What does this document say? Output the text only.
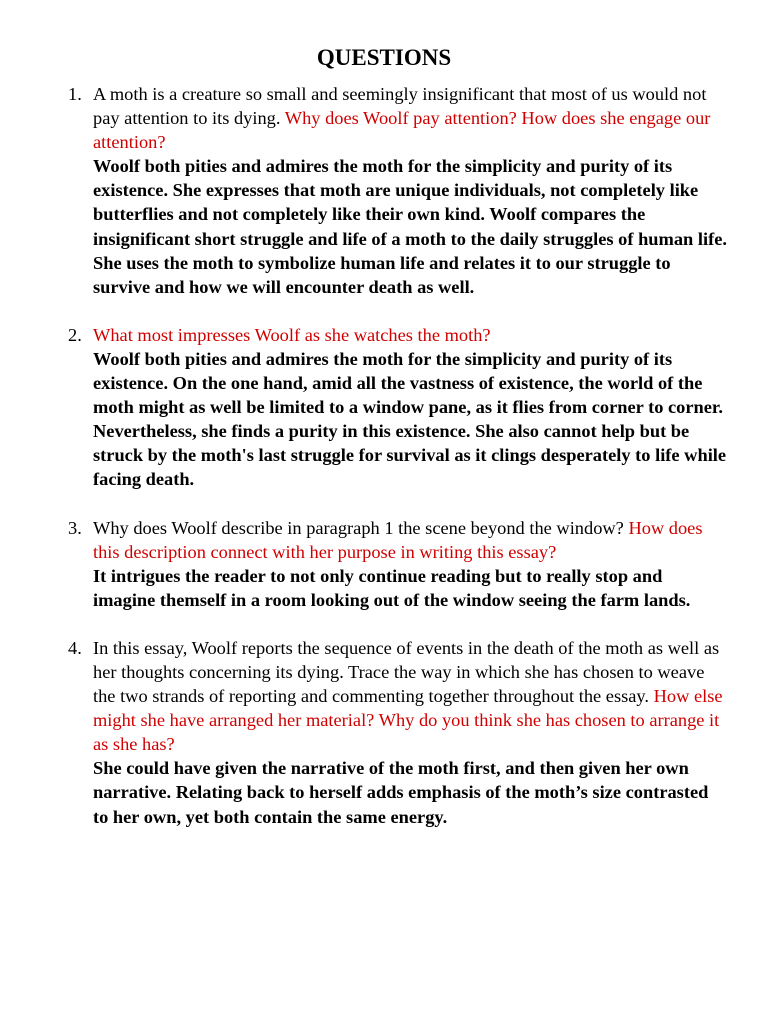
QUESTIONS
1. A moth is a creature so small and seemingly insignificant that most of us would not pay attention to its dying. Why does Woolf pay attention? How does she engage our attention?
Woolf both pities and admires the moth for the simplicity and purity of its existence. She expresses that moth are unique individuals, not completely like butterflies and not completely like their own kind. Woolf compares the insignificant short struggle and life of a moth to the daily struggles of human life. She uses the moth to symbolize human life and relates it to our struggle to survive and how we will encounter death as well.
2. What most impresses Woolf as she watches the moth?
Woolf both pities and admires the moth for the simplicity and purity of its existence. On the one hand, amid all the vastness of existence, the world of the moth might as well be limited to a window pane, as it flies from corner to corner. Nevertheless, she finds a purity in this existence. She also cannot help but be struck by the moth's last struggle for survival as it clings desperately to life while facing death.
3. Why does Woolf describe in paragraph 1 the scene beyond the window? How does this description connect with her purpose in writing this essay?
It intrigues the reader to not only continue reading but to really stop and imagine themself in a room looking out of the window seeing the farm lands.
4. In this essay, Woolf reports the sequence of events in the death of the moth as well as her thoughts concerning its dying. Trace the way in which she has chosen to weave the two strands of reporting and commenting together throughout the essay. How else might she have arranged her material? Why do you think she has chosen to arrange it as she has?
She could have given the narrative of the moth first, and then given her own narrative. Relating back to herself adds emphasis of the moth’s size contrasted to her own, yet both contain the same energy.
